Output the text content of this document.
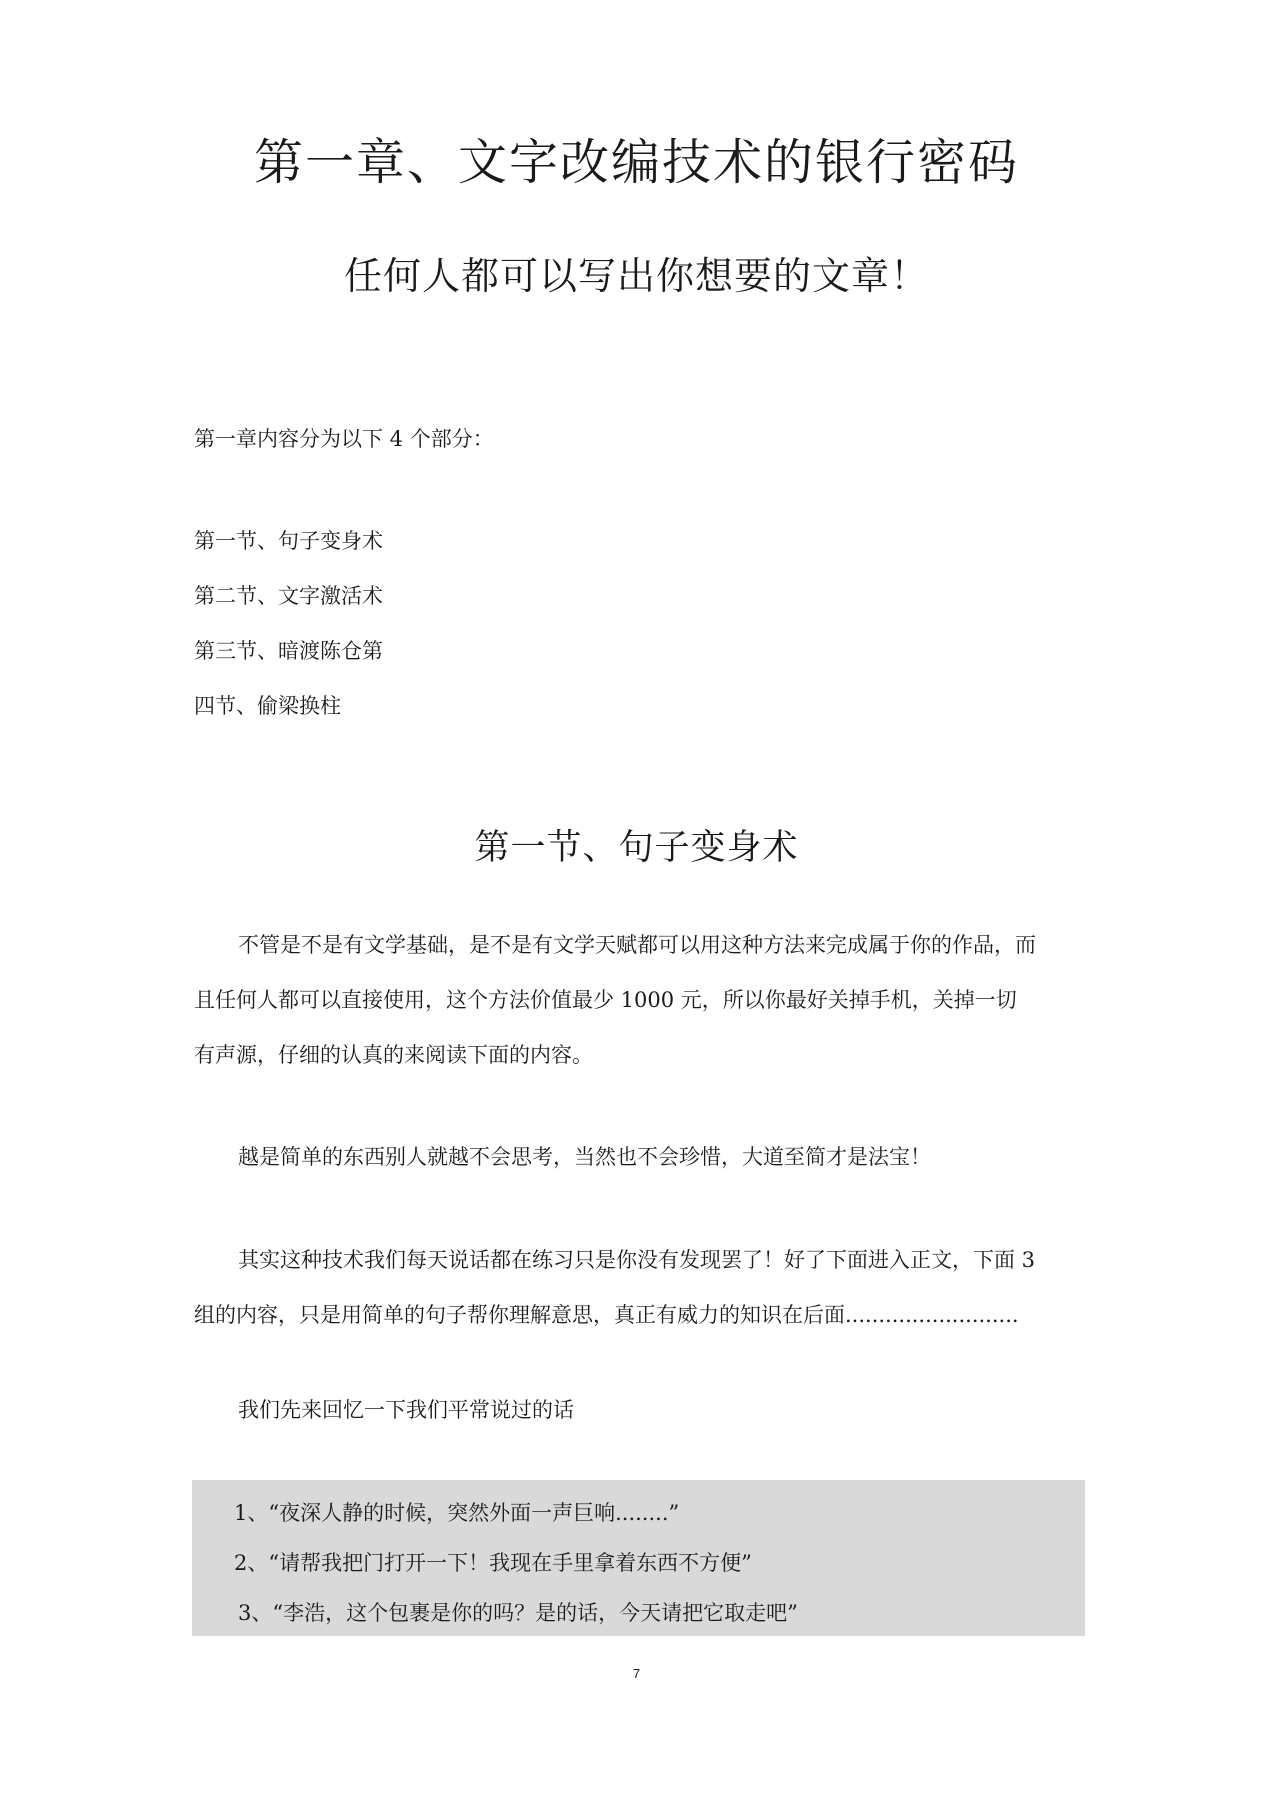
第一章、文字改编技术的银行密码
任何人都可以写出你想要的文章！

第一章内容分为以下 4 个部分：

第一节、句子变身术

第二节、文字激活术

第三节、暗渡陈仓第

四节、偷梁换柱

第一节、句子变身术

不管是不是有文学基础，是不是有文学天赋都可以用这种方法来完成属于你的作品，而

且任何人都可以直接使用，这个方法价值最少 1000 元，所以你最好关掉手机，关掉一切

有声源，仔细的认真的来阅读下面的内容。

越是简单的东西别人就越不会思考，当然也不会珍惜，大道至简才是法宝！

其实这种技术我们每天说话都在练习只是你没有发现罢了！好了下面进入正文，下面 3

组的内容，只是用简单的句子帮你理解意思，真正有威力的知识在后面..........................

我们先来回忆一下我们平常说过的话

1、“夜深人静的时候，突然外面一声巨响........”

2、“请帮我把门打开一下！我现在手里拿着东西不方便”

3、“李浩，这个包裹是你的吗？是的话，今天请把它取走吧”

7
